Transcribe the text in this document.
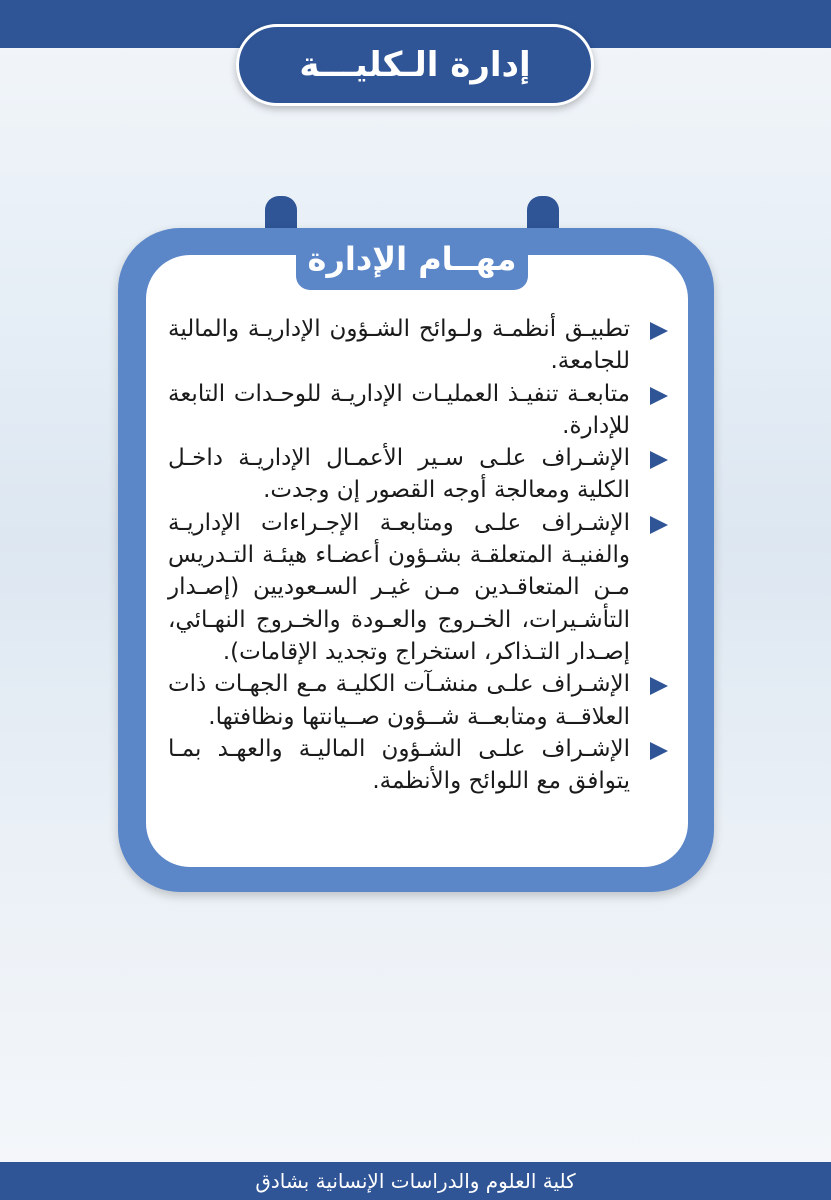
إدارة الـكليـــة
مهــام الإدارة
تطبيـق أنظمـة ولـوائح الشـؤون الإداريـة والمالية للجامعة.
متابعـة تنفيـذ العمليـات الإداريـة للوحـدات التابعة للإدارة.
الإشـراف علـى سـير الأعمـال الإداريـة داخـل الكلية ومعالجة أوجه القصور إن وجدت.
الإشـراف علـى ومتابعـة الإجـراءات الإداريـة والفنيـة المتعلقـة بشـؤون أعضـاء هيئـة التـدريس مـن المتعاقـدين مـن غيـر السـعوديين (إصـدار التأشـيرات، الخـروج والعـودة والخـروج النهـائي، إصـدار التـذاكر، استخراج وتجديد الإقامات).
الإشـراف علـى منشـآت الكليـة مـع الجهـات ذات العلاقــة ومتابعــة شــؤون صــيانتها ونظافتها.
الإشـراف علـى الشـؤون الماليـة والعهـد بمـا يتوافق مع اللوائح والأنظمة.
كلية العلوم والدراسات الإنسانية بشادق
